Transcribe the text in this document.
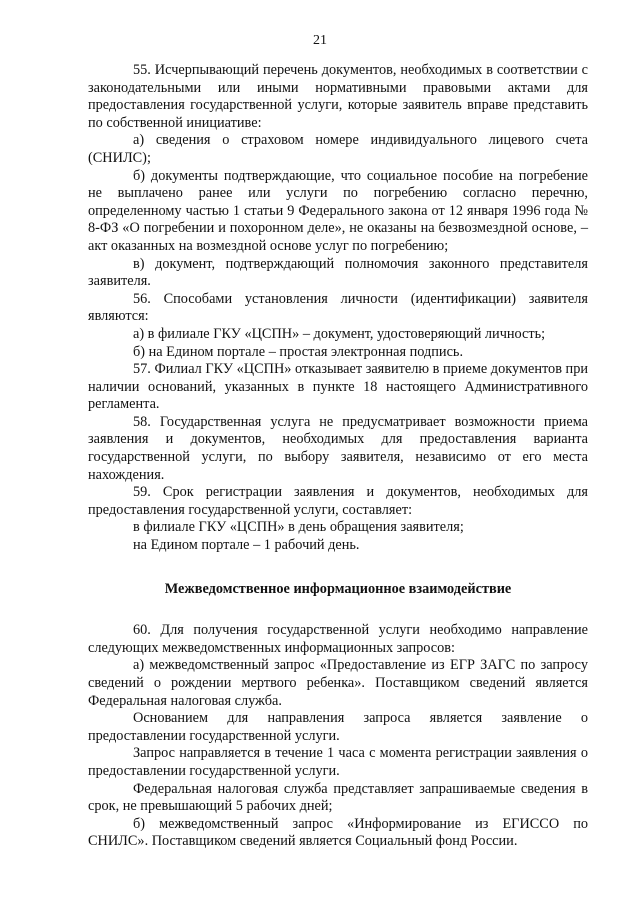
21

55. Исчерпывающий перечень документов, необходимых в соответствии с законодательными или иными нормативными правовыми актами для предоставления государственной услуги, которые заявитель вправе представить по собственной инициативе:

а) сведения о страховом номере индивидуального лицевого счета (СНИЛС);

б) документы подтверждающие, что социальное пособие на погребение не выплачено ранее или услуги по погребению согласно перечню, определенному частью 1 статьи 9 Федерального закона от 12 января 1996 года № 8-ФЗ «О погребении и похоронном деле», не оказаны на безвозмездной основе, – акт оказанных на возмездной основе услуг по погребению;

в) документ, подтверждающий полномочия законного представителя заявителя.

56. Способами установления личности (идентификации) заявителя являются:

а) в филиале ГКУ «ЦСПН» – документ, удостоверяющий личность;

б) на Едином портале – простая электронная подпись.

57. Филиал ГКУ «ЦСПН» отказывает заявителю в приеме документов при наличии оснований, указанных в пункте 18 настоящего Административного регламента.

58. Государственная услуга не предусматривает возможности приема заявления и документов, необходимых для предоставления варианта государственной услуги, по выбору заявителя, независимо от его места нахождения.

59. Срок регистрации заявления и документов, необходимых для предоставления государственной услуги, составляет:

в филиале ГКУ «ЦСПН» в день обращения заявителя;

на Едином портале – 1 рабочий день.

Межведомственное информационное взаимодействие

60. Для получения государственной услуги необходимо направление следующих межведомственных информационных запросов:

а) межведомственный запрос «Предоставление из ЕГР ЗАГС по запросу сведений о рождении мертвого ребенка». Поставщиком сведений является Федеральная налоговая служба.

Основанием для направления запроса является заявление о предоставлении государственной услуги.

Запрос направляется в течение 1 часа с момента регистрации заявления о предоставлении государственной услуги.

Федеральная налоговая служба представляет запрашиваемые сведения в срок, не превышающий 5 рабочих дней;

б) межведомственный запрос «Информирование из ЕГИССО по СНИЛС». Поставщиком сведений является Социальный фонд России.
